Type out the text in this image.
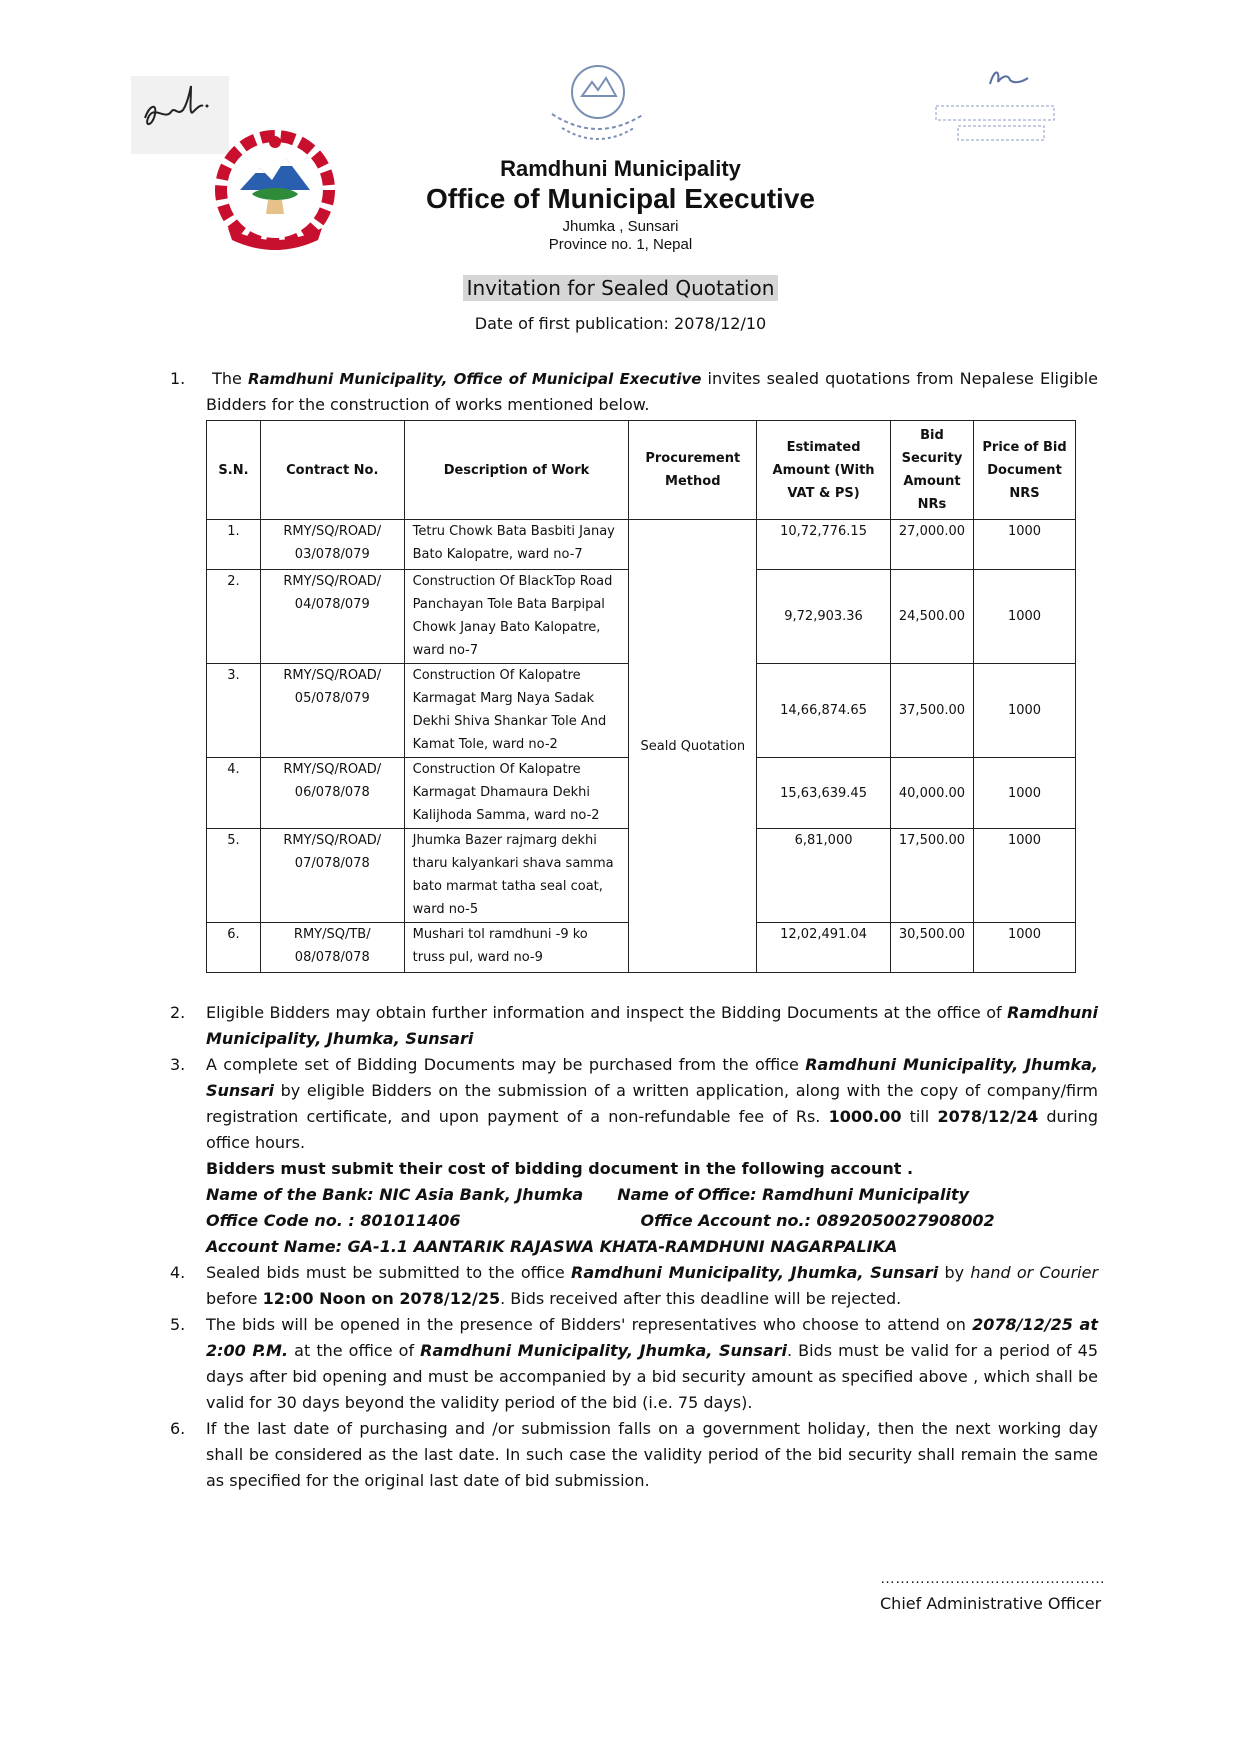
Ramdhuni Municipality
Office of Municipal Executive
Jhumka , Sunsari
Province no. 1, Nepal
Invitation for Sealed Quotation
Date of first publication: 2078/12/10
1.	The Ramdhuni Municipality, Office of Municipal Executive invites sealed quotations from Nepalese Eligible Bidders for the construction of works mentioned below.

S.N.	Contract No.	Description of Work	Procurement Method	Estimated Amount (With VAT & PS)	Bid Security Amount NRs	Price of Bid Document NRS
1.	RMY/SQ/ROAD/ 03/078/079	Tetru Chowk Bata Basbiti Janay Bato Kalopatre, ward no-7	Seald Quotation	10,72,776.15	27,000.00	1000
2.	RMY/SQ/ROAD/ 04/078/079	Construction Of BlackTop Road Panchayan Tole Bata Barpipal Chowk Janay Bato Kalopatre, ward no-7		9,72,903.36	24,500.00	1000
3.	RMY/SQ/ROAD/ 05/078/079	Construction Of Kalopatre Karmagat Marg Naya Sadak Dekhi Shiva Shankar Tole And Kamat Tole, ward no-2		14,66,874.65	37,500.00	1000
4.	RMY/SQ/ROAD/ 06/078/078	Construction Of Kalopatre Karmagat Dhamaura Dekhi Kalijhoda Samma, ward no-2		15,63,639.45	40,000.00	1000
5.	RMY/SQ/ROAD/ 07/078/078	Jhumka Bazer rajmarg dekhi tharu kalyankari shava samma bato marmat tatha seal coat, ward no-5		6,81,000	17,500.00	1000
6.	RMY/SQ/TB/ 08/078/078	Mushari tol ramdhuni -9 ko truss pul, ward no-9		12,02,491.04	30,500.00	1000
2. Eligible Bidders may obtain further information and inspect the Bidding Documents at the office of Ramdhuni Municipality, Jhumka, Sunsari

3. A complete set of Bidding Documents may be purchased from the office Ramdhuni Municipality, Jhumka, Sunsari by eligible Bidders on the submission of a written application, along with the copy of company/firm registration certificate, and upon payment of a non-refundable fee of Rs. 1000.00 till 2078/12/24 during office hours.

Bidders must submit their cost of bidding document in the following account .

Name of the Bank: NIC Asia Bank, Jhumka Name of Office: Ramdhuni Municipality

Office Code no. : 801011406	Office Account no.: 0892050027908002

Account Name: GA-1.1 AANTARIK RAJASWA KHATA-RAMDHUNI NAGARPALIKA

4. Sealed bids must be submitted to the office Ramdhuni Municipality, Jhumka, Sunsari by hand or Courier before 12:00 Noon on 2078/12/25. Bids received after this deadline will be rejected.

5. The bids will be opened in the presence of Bidders' representatives who choose to attend on 2078/12/25 at 2:00 P.M. at the office of Ramdhuni Municipality, Jhumka, Sunsari. Bids must be valid for a period of 45 days after bid opening and must be accompanied by a bid security amount as specified above , which shall be valid for 30 days beyond the validity period of the bid (i.e. 75 days).

6. If the last date of purchasing and /or submission falls on a government holiday, then the next working day shall be considered as the last date. In such case the validity period of the bid security shall remain the same as specified for the original last date of bid submission.

………………………………………
Chief Administrative Officer
